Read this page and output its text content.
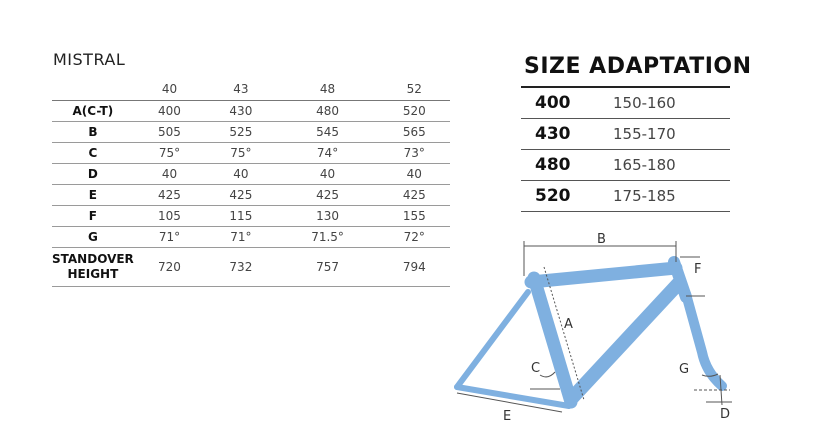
MISTRAL
	40	43	48	52
A(C-T)	400	430	480	520
B	505	525	545	565
C	75°	75°	74°	73°
D	40	40	40	40
E	425	425	425	425
F	105	115	130	155
G	71°	71°	71.5°	72°
STANDOVER
HEIGHT	720	732	757	794
SIZE ADAPTATION
400	150-160
430	155-170
480	165-180
520	175-185
B
A
F
C	G
E	D
